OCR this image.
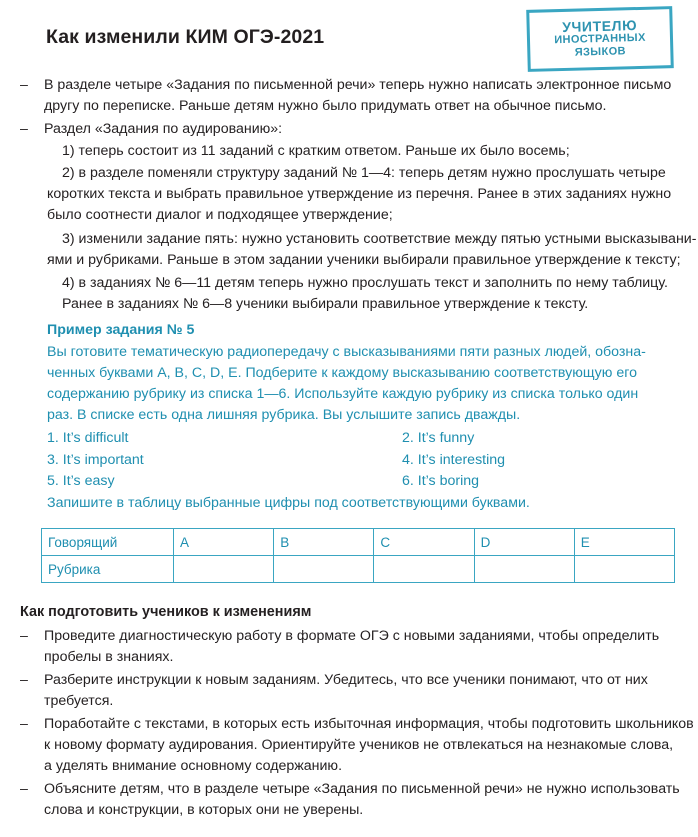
Как изменили КИМ ОГЭ-2021	УЧИТЕЛЮ
ИНОСТРАННЫХ
ЯЗЫКОВ
– В разделе четыре «Задания по письменной речи» теперь нужно написать электронное письмо
другу по переписке. Раньше детям нужно было придумать ответ на обычное письмо.
– Раздел «Задания по аудированию»:
1) теперь состоит из 11 заданий с кратким ответом. Раньше их было восемь;
2) в разделе поменяли структуру заданий № 1—4: теперь детям нужно прослушать четыре
коротких текста и выбрать правильное утверждение из перечня. Ранее в этих заданиях нужно
было соотнести диалог и подходящее утверждение;
3) изменили задание пять: нужно установить соответствие между пятью устными высказывани-
ями и рубриками. Раньше в этом задании ученики выбирали правильное утверждение к тексту;
4) в заданиях № 6—11 детям теперь нужно прослушать текст и заполнить по нему таблицу.
Ранее в заданиях № 6—8 ученики выбирали правильное утверждение к тексту.
Пример задания № 5
Вы готовите тематическую радиопередачу с высказываниями пяти разных людей, обозна-
ченных буквами A, B, C, D, E. Подберите к каждому высказыванию соответствующую его
содержанию рубрику из списка 1—6. Используйте каждую рубрику из списка только один
раз. В списке есть одна лишняя рубрика. Вы услышите запись дважды.
1. It’s difficult	2. It’s funny
3. It’s important	4. It’s interesting
5. It’s easy	6. It’s boring
Запишите в таблицу выбранные цифры под соответствующими буквами.
Говорящий	A	B	C	D	E
Рубрика					
Как подготовить учеников к изменениям
– Проведите диагностическую работу в формате ОГЭ с новыми заданиями, чтобы определить
пробелы в знаниях.
– Разберите инструкции к новым заданиям. Убедитесь, что все ученики понимают, что от них
требуется.
– Поработайте с текстами, в которых есть избыточная информация, чтобы подготовить школьников
к новому формату аудирования. Ориентируйте учеников не отвлекаться на незнакомые слова,
а уделять внимание основному содержанию.
– Объясните детям, что в разделе четыре «Задания по письменной речи» не нужно использовать
слова и конструкции, в которых они не уверены.
